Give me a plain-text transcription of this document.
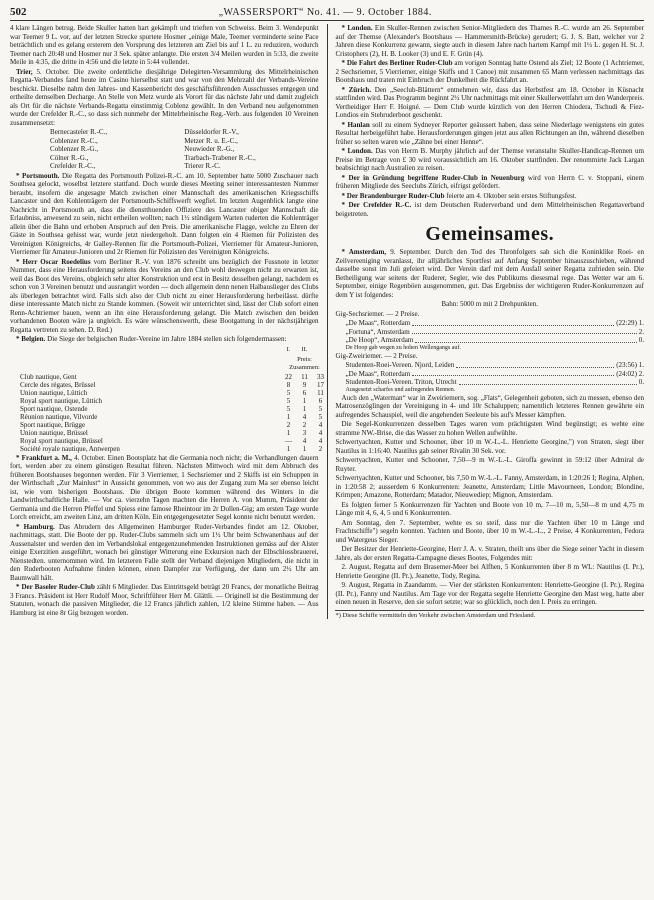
502	„WASSERSPORT“ No. 41. — 9. October 1884.

4 klare Längen betrug. Beide Skuller hatten hart gekämpft und trieften von Schweiss. Beim 3. Wendepunkt war Teemer 9 L. vor, auf der letzten Strecke spurtete Hosmer „einige Male, Teemer verminderte seine Pace beträchtlich und es gelang ersterem den Vorsprung des letzteren am Ziel bis auf 1 L. zu reduziren, wodurch Teemer nach 20:48 und Hosmer nur 3 Sek. später anlangte. Die ersten 3/4 Meilen wurden in 5:33, die zweite Meile in 4:35, die dritte in 4:56 und die letzte in 5:44 vollendet.

Trier, 5. October. Die zweite ordentliche diesjährige Delegirten-Versammlung des Mittelrheinischen Regatta-Verbandes fand heute im Casino hierselbst statt und war von den Mehrzahl der Verbands-Vereine beschickt. Dieselbe nahm den Jahres- und Kassenbericht des geschäftsführenden Ausschusses entgegen und ertheilte demselben Decharge. An Stelle von Metz wurde als Vorort für das nächste Jahr und damit zugleich als Ort für die nächste Verbands-Regatta einstimmig Coblenz gewählt. In den Verband neu aufgenommen wurde der Crefelder R.-C., so dass sich nunmehr der Mittelrheinische Reg.-Verb. aus folgenden 10 Vereinen zusammensetzt:

Bernecasteler R.-C.,	Düsseldorfer R.-V.,
Coblenzer R.-C.,	Metzer R. u. E.-C.,
Coblenzer R.-G.,	Neuwieder R.-G.,
Cölner R.-G.,	Trarbach-Trabener R.-C.,
Crefelder R.-C.,	Trierer R.-C.

* Portsmouth. Die Regatta des Portsmouth Polizei-R.-C. am 10. September hatte 5000 Zuschauer nach Southsea gelockt, woselbst letztere stattfand. Doch wurde dieses Meeting seiner interessantesten Nummer beraubt, insofern die angesagte Match zwischen einer Mannschaft des amerikanischen Kriegsschiffs Lancaster und den Kohlenträgern der Portsmouth-Schiffswerft wegfiel. Im letzten Augenblick langte eine Nachricht in Portsmouth an, dass die dienstthuenden Offiziere des Lancaster obiger Mannschaft die Erlaubniss, anwesend zu sein, nicht ertheilen wollten; nach 1½ stündigem Warten ruderten die Kohlenträger allein über die Bahn und erhoben Anspruch auf den Preis. Die amerikanische Flagge, welche zu Ehren der Gäste in Southsea gehisst war, wurde jetzt niedergeholt. Dann folgten ein 4 Riemen für Polizisten des Vereinigten Königreichs, 4r Galley-Rennen für die Portsmouth-Polizei, Vierriemer für Amateur-Junioren, Vierriemer für Amateur-Junioren und 2r Riemen für Polizisten des Vereinigten Königreichs.

* Herr Oscar Roedelius vom Berliner R.-V. von 1876 schreibt uns bezüglich der Fussnote in letzter Nummer, dass eine Herausforderung seitens des Vereins an den Club wohl deswegen nicht zu erwarten ist, weil das Boot des Vereins, obgleich sehr alter Konstruktion und erst in Besitz desselben gelangt, nachdem es schon von 3 Vereinen benutzt und ausrangirt worden — doch allgemein denn nenen Halbauslieger des Clubs als überlegen betrachtet wird. Falls sich also der Club nicht zu einer Herausforderung herbeilässt. dürfte diese interessante Match nicht zu Stande kommen. (Soweit wir unterrichtet sind, lässt der Club sofort einen Renn-Achtriemer bauen, wenn an ihn eine Herausforderung gelangt. Die Match zwischen den beiden vorhandenen Booten wäre ja ungleich. Es wäre wünschenswerth, diese Bootgattung in der nächstjährigen Regatta vertreten zu sehen. D. Red.)

* Belgien. Die Siege der belgischen Ruder-Vereine im Jahre 1884 stellen sich folgendermassen:

	I.	II.	
	Preis: Zusammen:		
Club nautique, Gent	22	11	33
Cercle des régates, Brüssel	8	9	17
Union nautique, Lüttich	5	6	11
Royal sport nautique, Lüttich	5	1	6
Sport nautique, Ostende	5	1	5
Réunion nautique, Vilvorde	1	4	5
Sport nautique, Brügge	2	2	4
Union nautique, Brüssel	1	3	4
Royal sport nautique, Brüssel	—	4	4
Société royale nautique, Antwerpen	1	1	2

* Frankfurt a. M., 4. October. Einen Bootsplatz hat die Germania noch nicht; die Verhandlungen dauern fort, werden aber zu einem günstigen Resultat führen. Nächsten Mittwoch wird mit dem Abbruch des früheren Bootshauses begonnen werden. Für 3 Vierriemer, 1 Sechsriemer und 2 Skiffs ist ein Schuppen in der Wirthschaft „Zur Mainlust“ in Aussicht genommen, von wo aus der Zugang zum Ma ser ebenso leicht ist, wie vom bisherigen Bootshaus. Die übrigen Boote kommen während des Winters in die Landwirthschaftliche Halle. — Vor ca. vierzehn Tagen machten die Herren A. von Mumm, Präsident der Germania und die Herren Pfeffel und Spiess eine famose Rheintour im 2r Dollen-Gig; am ersten Tage wurde Lorch erreicht, am zweiten Linz, am dritten Köln. Ein entgegengesetzter Segel konnte nicht benutzt werden.

* Hamburg. Das Abrudern des Allgemeinen Hamburger Ruder-Verbandes findet am 12. Oktober, nachmittags, statt. Die Boote der pp. Ruder-Clubs sammeln sich um 1½ Uhr beim Schwanenhaus auf der Aussenalster und werden den im Verbandslokal entgegenzunehmenden Instruktionen gemäss auf der Alster einige Exerzitien ausgeführt, wonach bei günstiger Witterung eine Exkursion nach der Elbschlossbrauerei, Nienstedten. unternommen wird. Im letzteren Falle stellt der Verband diejenigen Mitgliedern, die nicht in den Ruderbooten Aufnahme finden können, einen Dampfer zur Verfügung, der dann um 2½ Uhr am Baumwall hält.

* Der Baseler Ruder-Club zählt 6 Mitglieder. Das Eintrittsgeld beträgt 20 Francs, der monatliche Beitrag 3 Francs. Präsident ist Herr Rudolf Moor, Schriftführer Herr M. Glättli. — Originell ist die Bestimmung der Statuten, wonach die passiven Mitglieder, die 12 Francs jährlich zahlen, 1/2 kleine Stimme haben. — Aus Hamburg ist eine 8r Gig bezogen worden.

* London. Ein Skuller-Rennen zwischen Senior-Mitgliedern des Thames R.-C. wurde am 26. September auf der Themse (Alexander's Bootshaus — Hammersmith-Brücke) gerudert; G. J. S. Batt, welcher vor 2 Jahren diese Konkurrenz gewann, siegte auch in diesem Jahre nach hartem Kampf mit 1½ L. gegen H. St. J. Cristophers (2), H. B. Looker (3) und E. F. Grün (4).

* Die Fahrt des Berliner Ruder-Club am vorigen Sonntag hatte Ostend als Ziel; 12 Boote (1 Achtriemer, 2 Sechsriemer, 5 Vierriemer, einige Skiffs und 1 Canoe) mit zusammen 65 Mann verlessen nachmittags das Bootshaus und traten mit Einbruch der Dunkelheit die Rückfahrt an.

* Zürich. Den „Seeclub-Blättern“ entnehmen wir, dass das Herbstfest am 18. October in Küsnacht stattfinden wird. Das Programm beginnt 2½ Uhr nachmittags mit einer Skullerwettfahrt um den Wanderpreis. Vertheidiger Herr F. Hoigné. — Dem Club wurde kürzlich von den Herren Chiodera, Tschudi & Fiez-Londios ein Stehruderboot geschenkt.

* Hanlan soll zu einem Sydneyer Reporter geäussert haben, dass seine Niederlage wenigstens ein gutes Resultat herbeigeführt habe. Herausforderungen gingen jetzt aus allen Richtungen an ihn, während dieselben früher so selten waren wie „Zähne bei einer Henne“.

* London. Das von Herrn B. Murphy jährlich auf der Themse veranstalte Skuller-Handicap-Rennen um Preise im Betrage von £ 30 wird voraussichtlich am 16. Oktober stattfinden. Der renommirte Jack Largan beabsichtigt nach Australien zu reisen.

* Der in Gründung begriffene Ruder-Club in Neuenburg wird von Herrn C. v. Stoppani, einem früheren Mitgliede des Seeclubs Zürich, eifrigst gefördert.

* Der Brandenburger Ruder-Club feierte am 4. Oktober sein erstes Stiftungsfest.

* Der Crefelder R.-C. ist dem Deutschen Ruderverband und dem Mittelrheinischen Regattaverband beigetreten.

Gemeinsames.

* Amsterdam, 9. September. Durch den Tod des Thronfolgers sah sich die Koninklike Roei- en Zeilvereeniging veranlasst, ihr alljährliches Sportfest auf Anfang September hinauszuschieben, während dasselbe sonst im Juli gefeiert wird. Der Verein darf mit dem Ausfall seiner Regatta zufrieden sein. Die Betheiligung war seitens der Ruderer, Segler, wie des Publikums diesesmal rege. Das Wetter war am 6. September, einige Regenböen ausgenommen, gut. Das Ergebniss der wichtigeren Ruder-Konkurrenzen auf dem Y ist folgendes:

Bahn: 5000 m mit 2 Drehpunkten.

Gig-Sechsriemer. — 2 Preise.

„De Maas“, Rotterdam	(22:29) 1.
„Fortuna“, Amsterdam	2.
„De Hoop“, Amsterdam	0.
De Hoop gab wegen zu hohen Wellengangs auf.

Gig-Zweiriemer. — 2 Preise.

Studenten-Roei-Vereen. Njord, Leiden	(23:56) 1.
„De Maas“, Rotterdam	(24:02) 2.
Studenten-Roei-Vereen. Triton, Utrecht	0.
Ausgesetzt scharfes und aufregendes Rennen.

Auch den „Waterman“ war in Zweiriemern, sog. „Flats“, Gelegenheit geboten, sich zu messen, ebenso den Matrosenzöglingen der Vereinigung in 4- und 10r Schaluppen; namentlich letzteres Rennen gewährte ein aufregendes Schauspiel, weil die angehenden Seeleute bis auf's Messer kämpften.

Die Segel-Konkurrenzen desselben Tages waren vom prächtigsten Wind begünstigt; es wehte eine stramme NW.-Brise, die das Wasser zu hohen Wellen aufwühlte.

Schwertyachten, Kutter und Schooner, über 10 m W.-L.-L. Henriette Georgine,") von Straten, siegt über Nautilus in 1:16:40. Nautilus gab seiner Rivalin 30 Sek. vor.

Schwertyachten, Kutter und Schooner, 7,50—9 m W.-L.-L. Giroffa gewinnt in 59:12 über Admiral de Ruyter.

Schwertyachten, Kutter und Schooner, bis 7,50 m W.-L.-L. Fanny, Amsterdam, in 1:20:26 I; Regina, Alphen, in 1:20:58 2; ausserdem 6 Konkurrenten: Jeanette, Amsterdam; Little Mavourneen, London; Blondine, Krimpen; Amazone, Rotterdam; Matador, Nieuwediep; Mignon, Amsterdam.

Es folgten ferner 5 Konkurrenzen für Yachten und Boote von 10 m, 7—10 m, 5,50—8 m und 4,75 m Länge mit 4, 6, 4, 5 und 6 Konkurrenten.

Am Sonntag, den 7. September, wehte es so steif, dass nur die Yachten über 10 m Länge und Frachtschiffe") segeln konnten. Yachten und Boote, über 10 m W.-L.-L., 2 Preise, 4 Konkurrenten, Fedora und Watergeus Sieger.

Der Besitzer der Henriette-Georgine, Herr J. A. v. Straten, theilt uns über die Siege seiner Yacht in diesem Jahre, als der ersten Regatta-Campagne dieses Bootes, Folgendes mit:

2. August, Regatta auf dem Brasemer-Meer bei Alfhen, 5 Konkurrenten über 8 m WL: Nautilus (I. Pr.), Henriette Georgine (II. Pr.), Jeanette, Tody, Regina.

9. August, Regatta in Zaandamm. — Vier der stärksten Konkurrenten: Henriette-Georgine (I. Pr.), Regina (II. Pr.), Fanny und Nautilus. Am Tage vor der Regatta segelte Henriette Georgine den Mast weg, hatte aber einen neuen in Reserve, den sie sofort setzte; war so glücklich, noch den I. Preis zu erringen.

*) Diese Schiffe vermitteln den Verkehr zwischen Amsterdam und Friesland.
